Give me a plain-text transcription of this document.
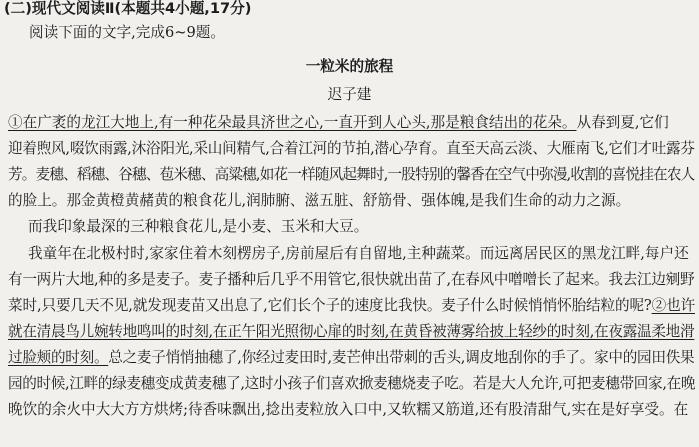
(二)现代文阅读Ⅱ(本题共4小题,17分)
阅读下面的文字,完成6~9题。
一粒米的旅程
迟子建
①在广袤的龙江大地上,有一种花朵最具济世之心,一直开到人心头,那是粮食结出的花朵。从春到夏,它们
迎着煦风,啜饮雨露,沐浴阳光,采山间精气,合着江河的节拍,潜心孕育。直至天高云淡、大雁南飞,它们才吐露芬
芳。麦穗、稻穗、谷穗、苞米穗、高粱穗,如花一样随风起舞时,一股特别的馨香在空气中弥漫,收割的喜悦挂在农人
的脸上。那金黄橙黄赭黄的粮食花儿,润肺腑、滋五脏、舒筋骨、强体魄,是我们生命的动力之源。
而我印象最深的三种粮食花儿,是小麦、玉米和大豆。
我童年在北极村时,家家住着木刻楞房子,房前屋后有自留地,主种蔬菜。而远离居民区的黑龙江畔,每户还
有一两片大地,种的多是麦子。麦子播种后几乎不用管它,很快就出苗了,在春风中噌噌长了起来。我去江边剜野
菜时,只要几天不见,就发现麦苗又出息了,它们长个子的速度比我快。麦子什么时候悄悄怀胎结粒的呢?②也许
就在清晨鸟儿婉转地鸣叫的时刻,在正午阳光照彻心扉的时刻,在黄昏被薄雾给披上轻纱的时刻,在夜露温柔地滑
过脸颊的时刻。总之麦子悄悄抽穗了,你经过麦田时,麦芒伸出带刺的舌头,调皮地刮你的手了。家中的园田佚果
园的时候,江畔的绿麦穗变成黄麦穗了,这时小孩子们喜欢掀麦穗烧麦子吃。若是大人允许,可把麦穗带回家,在晚
晚饮的余火中大大方方烘烤;待香味飘出,捻出麦粒放入口中,又软糯又筋道,还有股清甜气,实在是好享受。在
